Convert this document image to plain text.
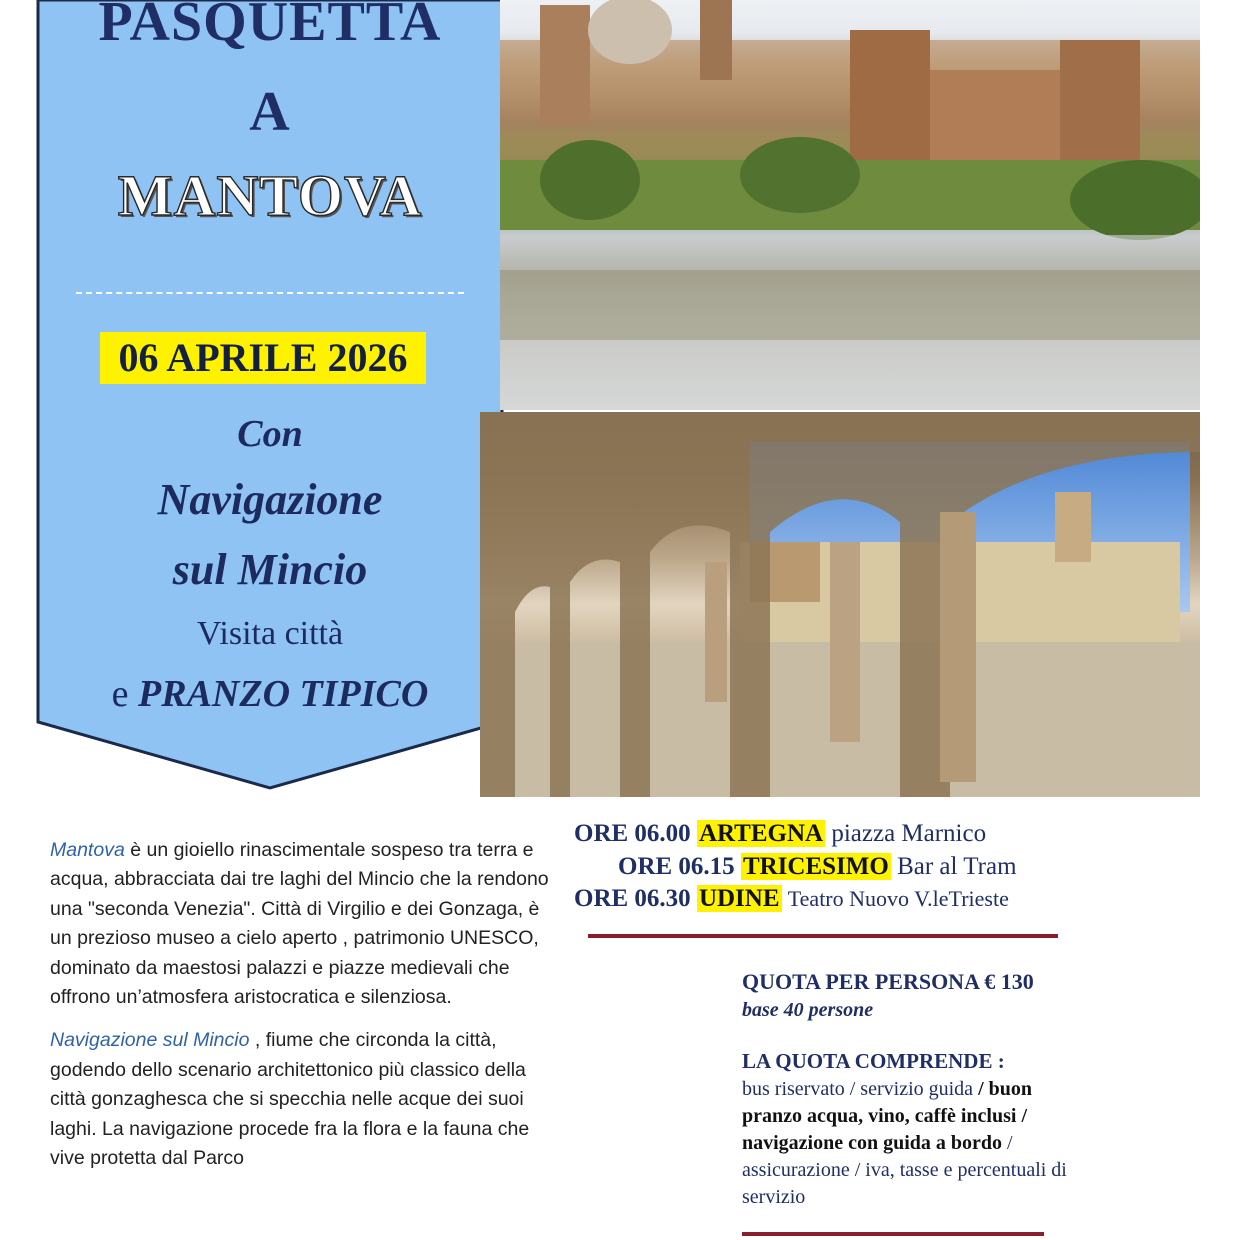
PASQUETTA
A
MANTOVA
06 APRILE 2026
Con
Navigazione
sul Mincio
Visita città
e PRANZO TIPICO

Mantova è un gioiello rinascimentale sospeso tra terra e acqua, abbracciata dai tre laghi del Mincio che la rendono una "seconda Venezia". Città di Virgilio e dei Gonzaga, è un prezioso museo a cielo aperto , patrimonio UNESCO, dominato da maestosi palazzi e piazze medievali che offrono un’atmosfera aristocratica e silenziosa.

Navigazione sul Mincio , fiume che circonda la città, godendo dello scenario architettonico più classico della città gonzaghesca che si specchia nelle acque dei suoi laghi. La navigazione procede fra la flora e la fauna che vive protetta dal Parco

ORE 06.00 ARTEGNA piazza Marnico
ORE 06.15 TRICESIMO Bar al Tram
ORE 06.30 UDINE Teatro Nuovo V.leTrieste
QUOTA PER PERSONA € 130
base 40 persone
LA QUOTA COMPRENDE :
bus riservato / servizio guida / buon pranzo acqua, vino, caffè inclusi / navigazione con guida a bordo / assicurazione / iva, tasse e percentuali di servizio
